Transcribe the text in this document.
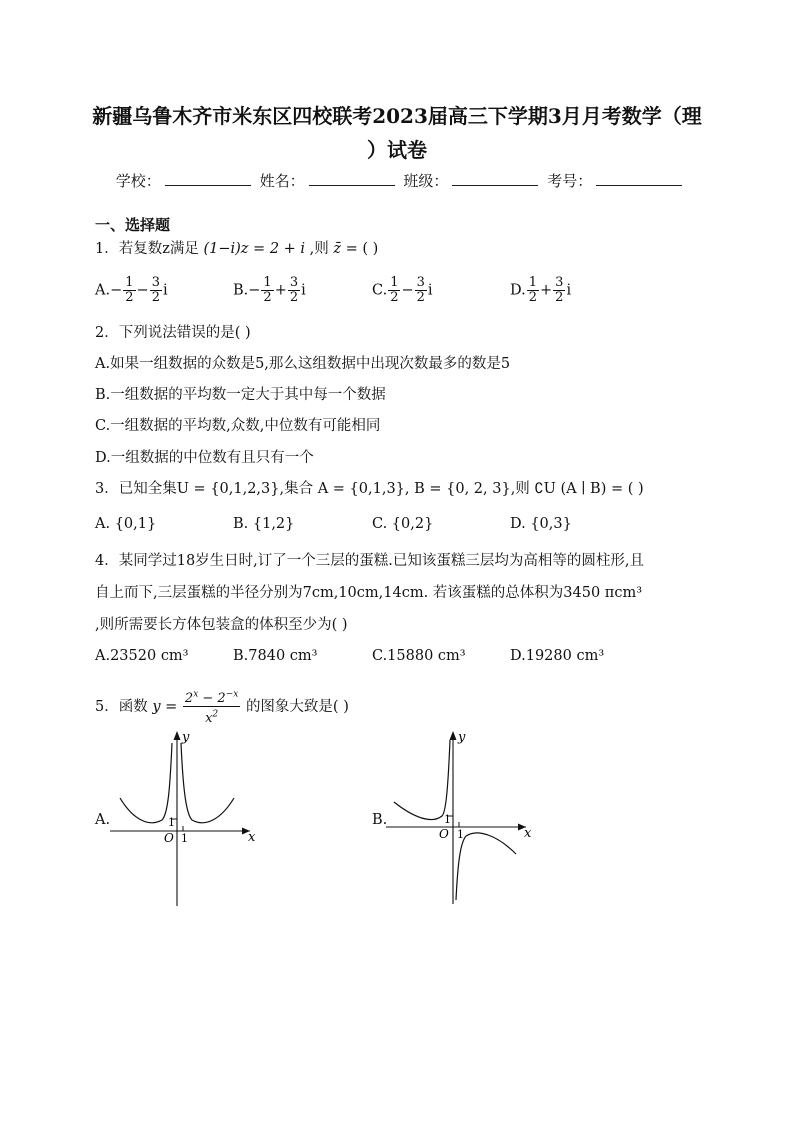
新疆乌鲁木齐市米东区四校联考2023届高三下学期3月月考数学（理
）试卷
学校：	姓名：	班级：	考号：
一、选择题
1．若复数z满足 (1−i)z = 2 + i ,则 z̄ = ( )
$A.- \frac{1}{2} - \frac{3}{2}$ i	$B.- \frac{1}{2} + \frac{3}{2}$ i	C. $\frac{1}{2} - \frac{3}{2}$ i	D. $\frac{1}{2} + \frac{3}{2}$ i
2．下列说法错误的是( )
A.如果一组数据的众数是5,那么这组数据中出现次数最多的数是5
B.一组数据的平均数一定大于其中每一个数据
C.一组数据的平均数,众数,中位数有可能相同
D.一组数据的中位数有且只有一个
3．已知全集U = {0,1,2,3},集合 A = {0,1,3}, B = {0, 2, 3},则 ∁U (A ∣ B) = ( )
A. {0,1}	B. {1,2}	C. {0,2}	D. {0,3}
4．某同学过18岁生日时,订了一个三层的蛋糕.已知该蛋糕三层均为高相等的圆柱形,且
自上而下,三层蛋糕的半径分别为7cm,10cm,14cm. 若该蛋糕的总体积为3450 πcm³
,则所需要长方体包装盒的体积至少为( )
A.23520 cm³	B.7840 cm³	C.15880 cm³	D.19280 cm³
5．函数 $y = \frac{2^x - 2^{-x}}{x^2}$ 的图象大致是( )
A.
x
y
O
1
1
B.
x
y
O
1
1
